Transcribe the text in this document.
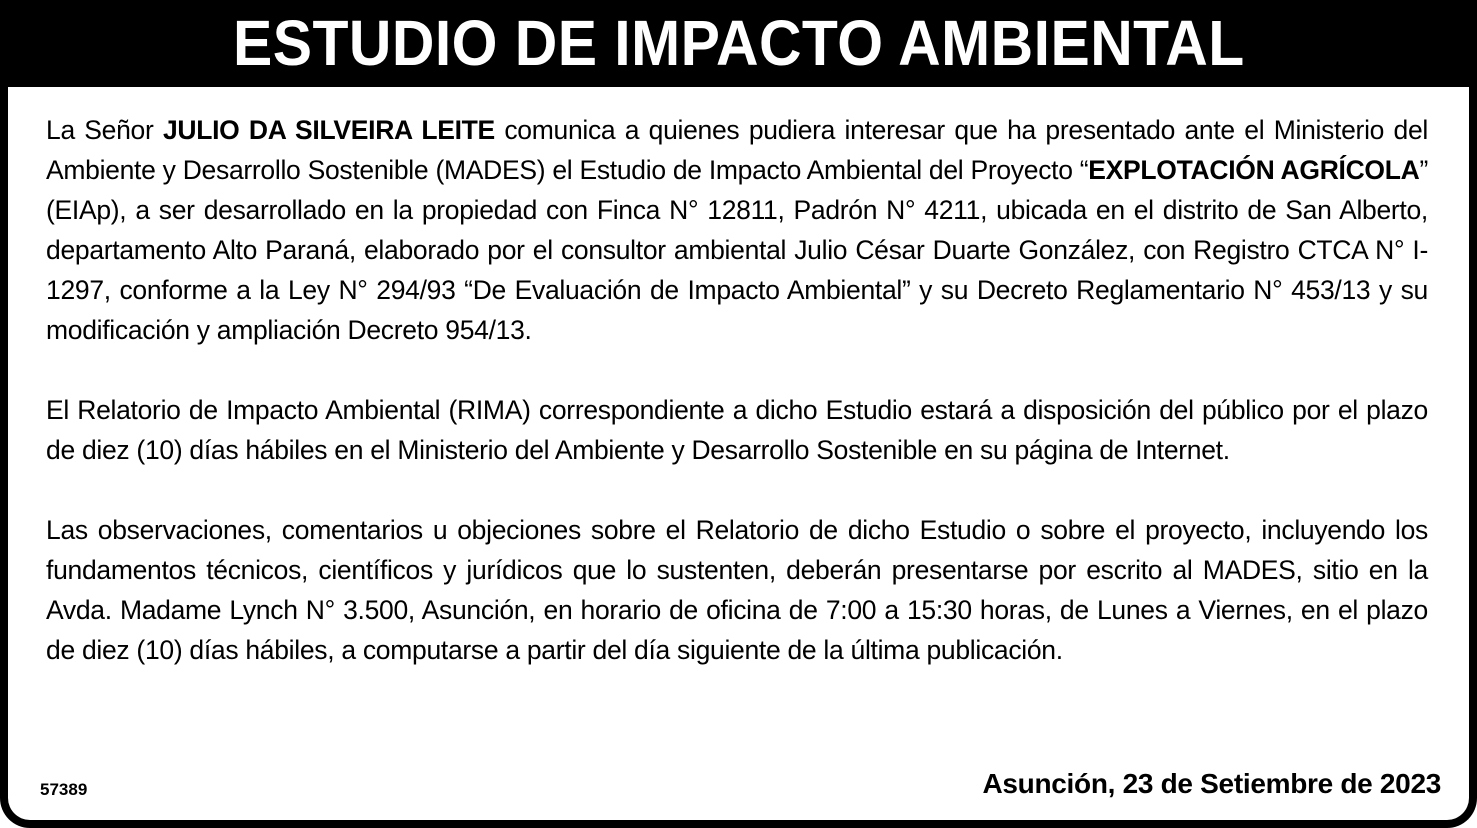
ESTUDIO DE IMPACTO AMBIENTAL

La Señor JULIO DA SILVEIRA LEITE comunica a quienes pudiera interesar que ha presentado ante el Ministerio del Ambiente y Desarrollo Sostenible (MADES) el Estudio de Impacto Ambiental del Proyecto “EXPLOTACIÓN AGRÍCOLA” (EIAp), a ser desarrollado en la propiedad con Finca N° 12811, Padrón N° 4211, ubicada en el distrito de San Alberto, departamento Alto Paraná, elaborado por el consultor ambiental Julio César Duarte González, con Registro CTCA N° I-1297, conforme a la Ley N° 294/93 “De Evaluación de Impacto Ambiental” y su Decreto Reglamentario N° 453/13 y su modificación y ampliación Decreto 954/13.

El Relatorio de Impacto Ambiental (RIMA) correspondiente a dicho Estudio estará a disposición del público por el plazo de diez (10) días hábiles en el Ministerio del Ambiente y Desarrollo Sostenible en su página de Internet.

Las observaciones, comentarios u objeciones sobre el Relatorio de dicho Estudio o sobre el proyecto, incluyendo los fundamentos técnicos, científicos y jurídicos que lo sustenten, deberán presentarse por escrito al MADES, sitio en la Avda. Madame Lynch N° 3.500, Asunción, en horario de oficina de 7:00 a 15:30 horas, de Lunes a Viernes, en el plazo de diez (10) días hábiles, a computarse a partir del día siguiente de la última publicación.

57389	Asunción, 23 de Setiembre de 2023
